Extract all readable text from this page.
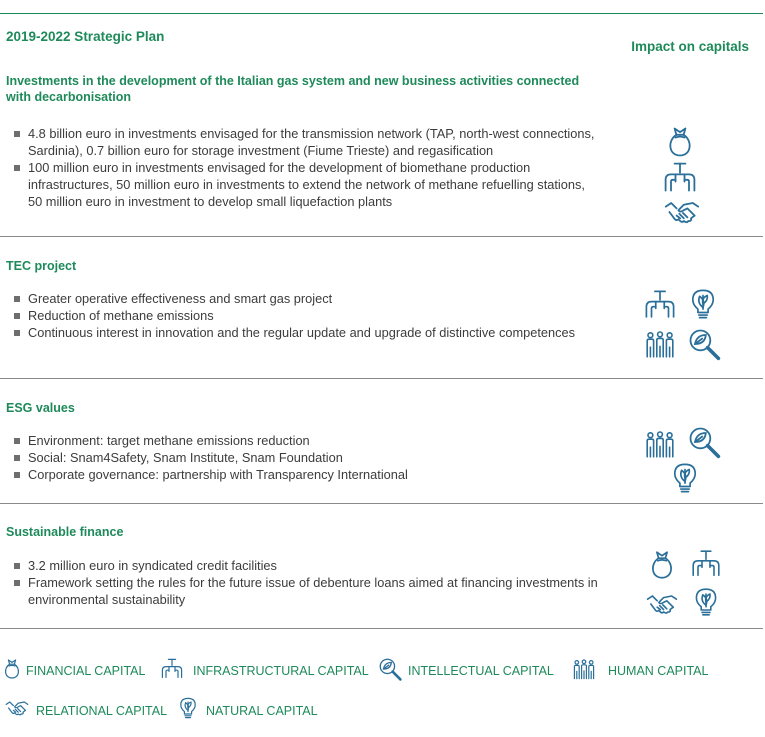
2019-2022 Strategic Plan
Impact on capitals
Investments in the development of the Italian gas system and new business activities connected with decarbonisation
4.8 billion euro in investments envisaged for the transmission network (TAP, north-west connections, Sardinia), 0.7 billion euro for storage investment (Fiume Trieste) and regasification
100 million euro in investments envisaged for the development of biomethane production infrastructures, 50 million euro in investments to extend the network of methane refuelling stations, 50 million euro in investment to develop small liquefaction plants
TEC project
Greater operative effectiveness and smart gas project
Reduction of methane emissions
Continuous interest in innovation and the regular update and upgrade of distinctive competences
ESG values
Environment: target methane emissions reduction
Social: Snam4Safety, Snam Institute, Snam Foundation
Corporate governance: partnership with Transparency International
Sustainable finance
3.2 million euro in syndicated credit facilities
Framework setting the rules for the future issue of debenture loans aimed at financing investments in environmental sustainability
FINANCIAL CAPITAL	INFRASTRUCTURAL CAPITAL	INTELLECTUAL CAPITAL	HUMAN CAPITAL
RELATIONAL CAPITAL	NATURAL CAPITAL
